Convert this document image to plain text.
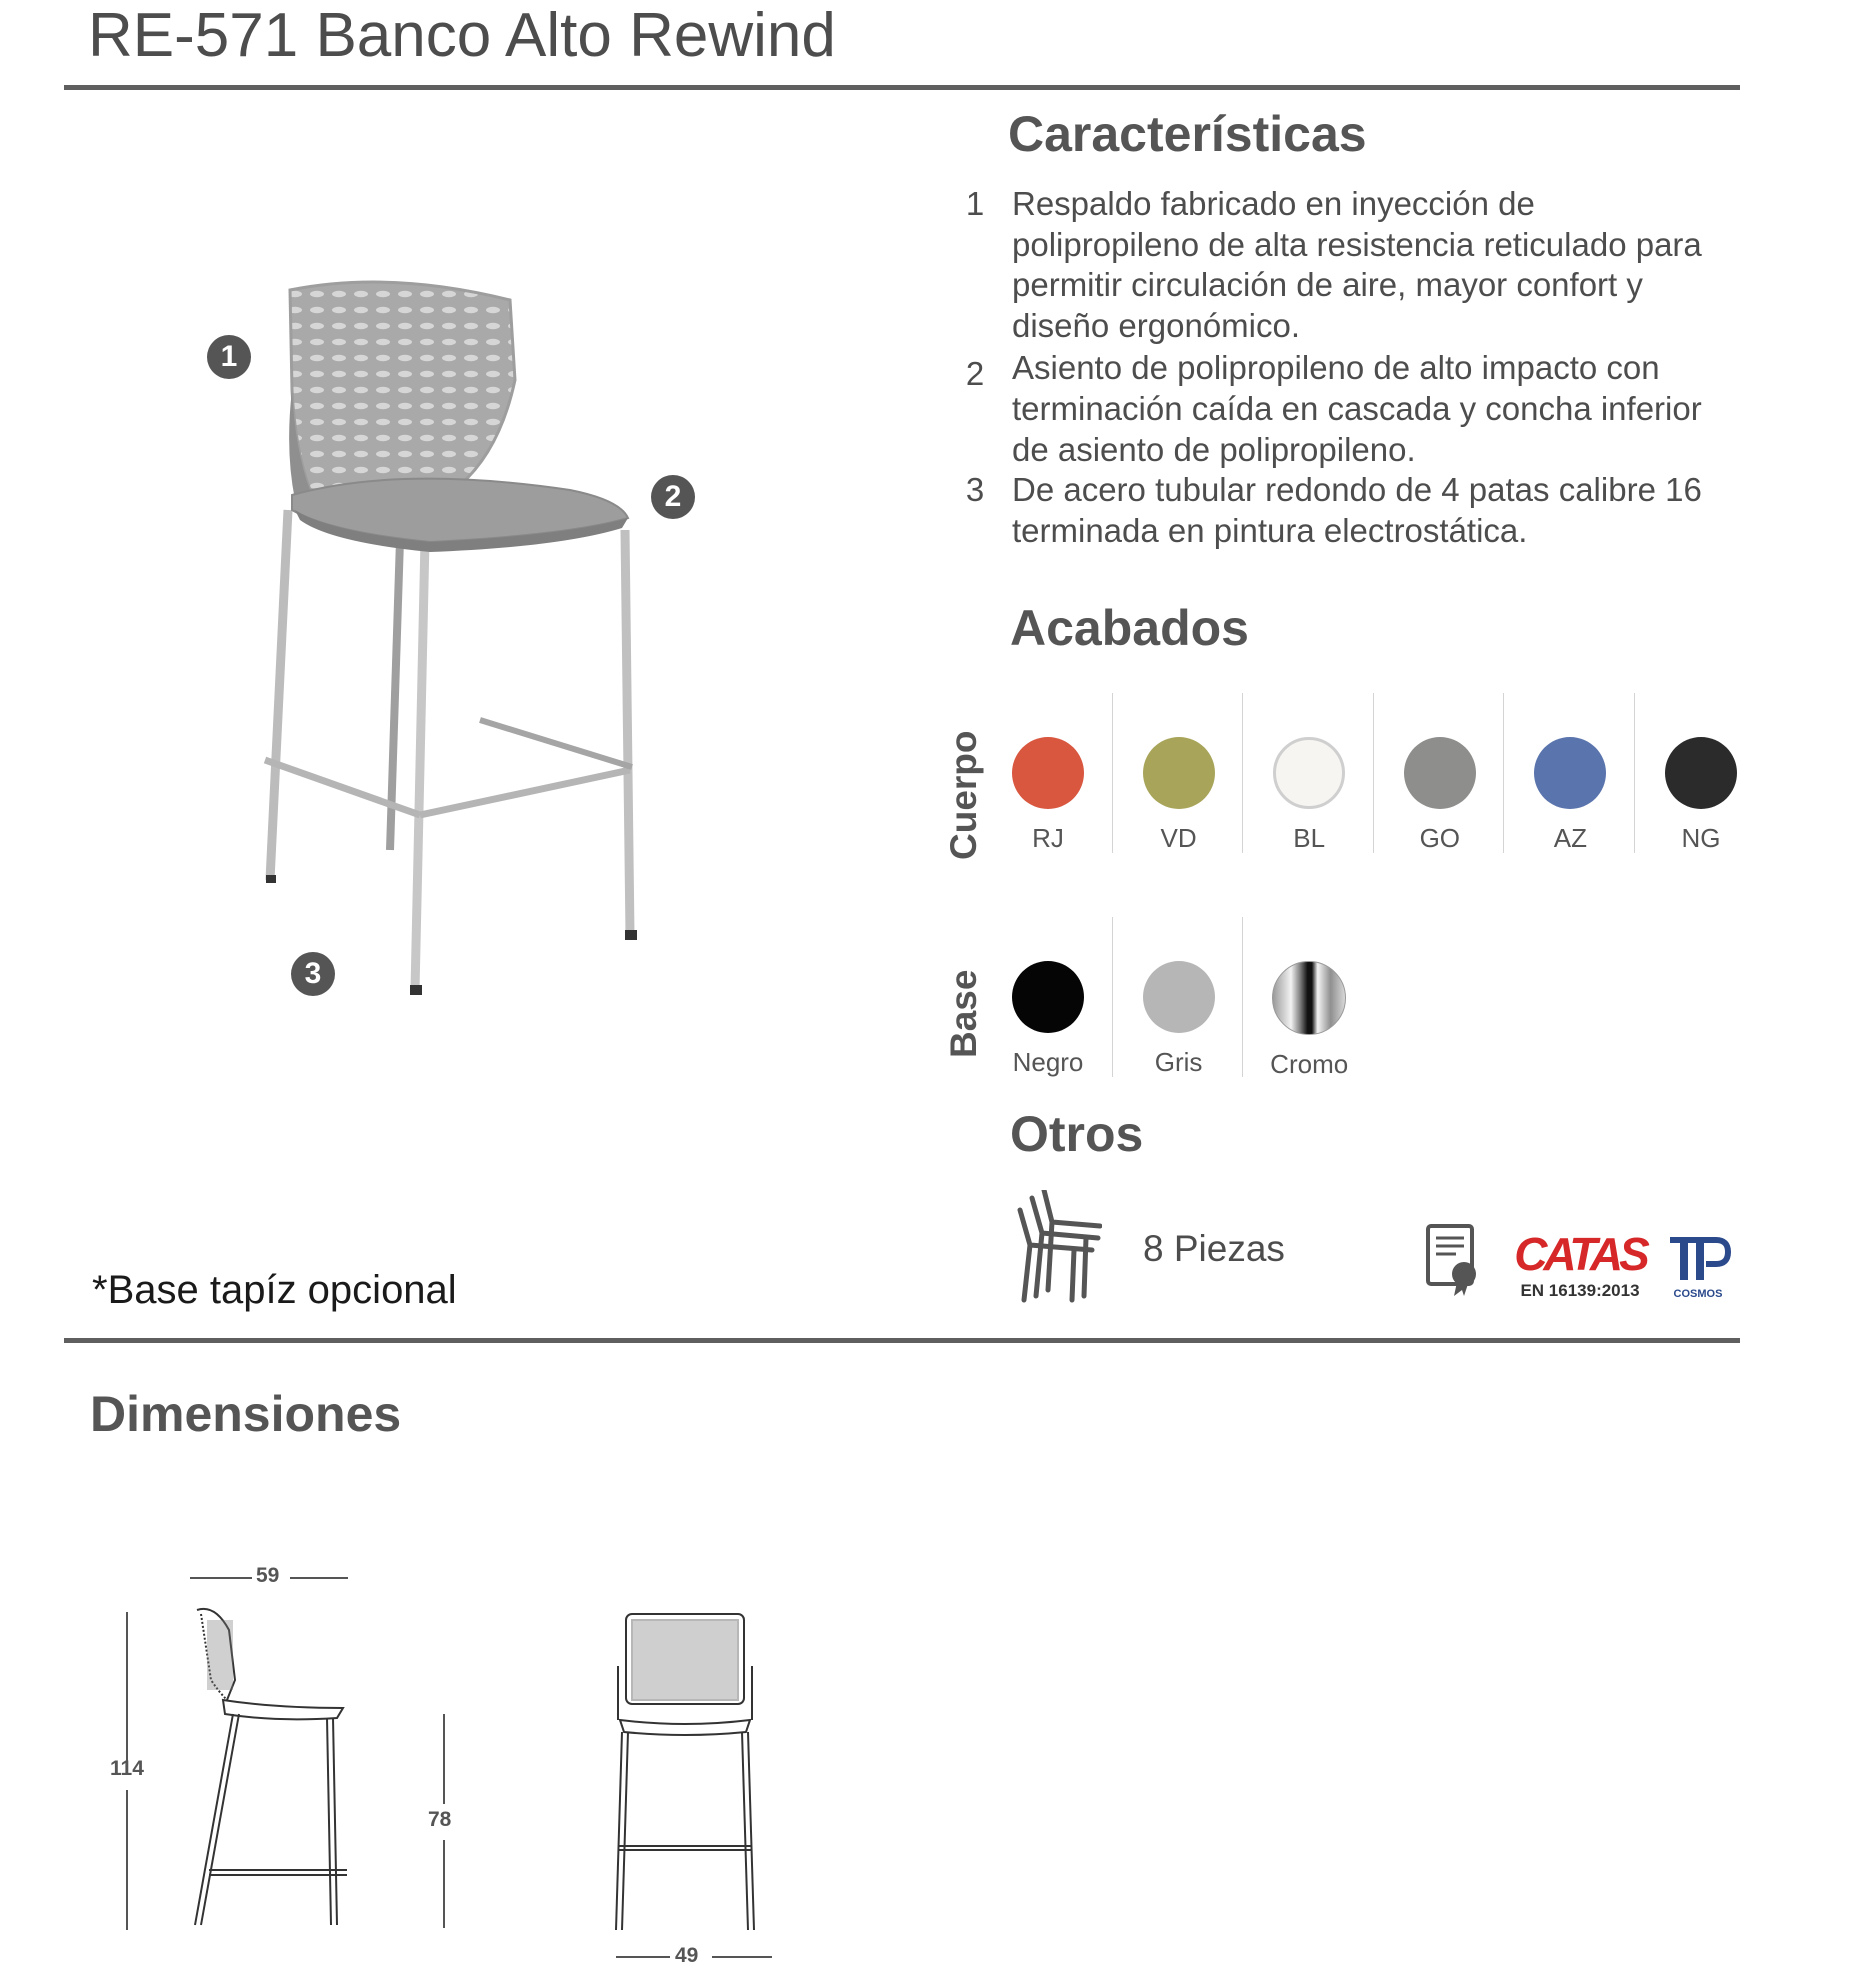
RE-571 Banco Alto Rewind
1
2
3
Características
1 Respaldo fabricado en inyección de polipropileno de alta resistencia reticulado para permitir circulación de aire, mayor confort y diseño ergonómico.
2 Asiento de polipropileno de alto impacto con terminación caída en cascada y concha inferior de asiento de polipropileno.
3 De acero tubular redondo de 4 patas calibre 16 terminada en pintura electrostática.
Acabados
Cuerpo
Base
RJ	VD	BL	GO	AZ	NG
Negro	Gris	Cromo
Otros
8 Piezas	CATAS
EN 16139:2013	COSMOS
*Base tapíz opcional
Dimensiones
59
114
78
49
